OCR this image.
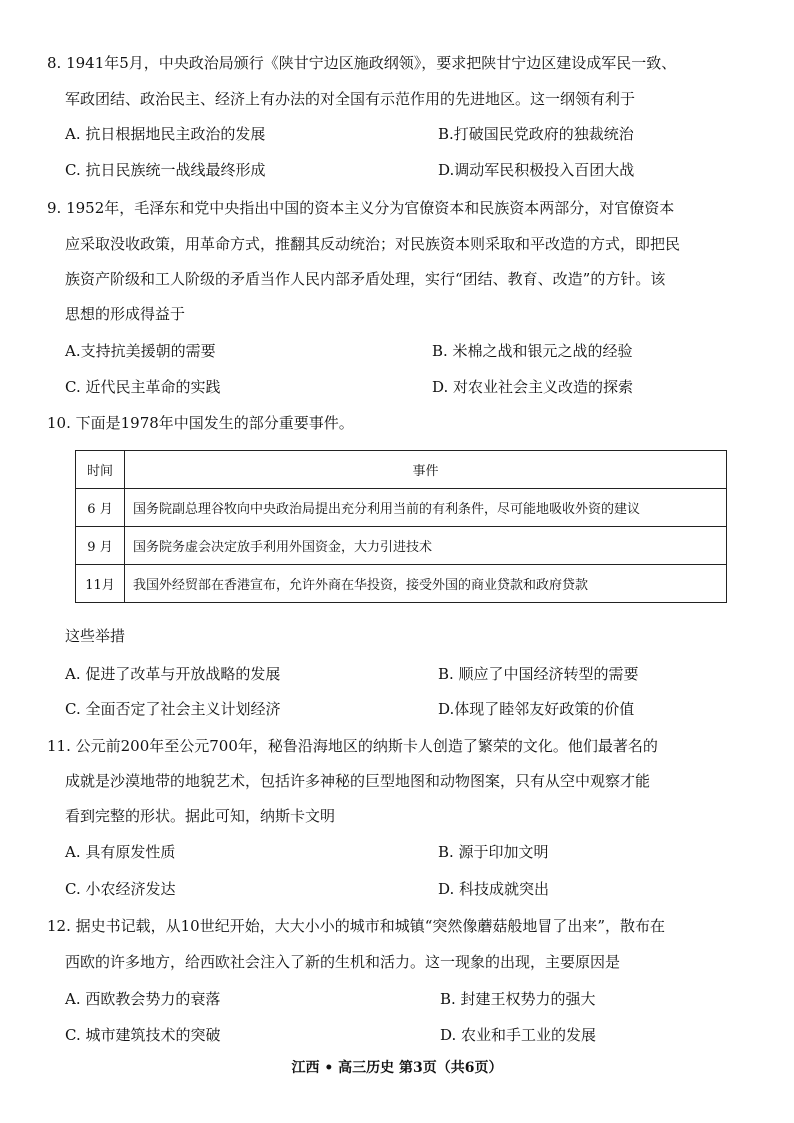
8. 1941年5月，中央政治局颁行《陕甘宁边区施政纲领》，要求把陕甘宁边区建设成军民一致、
军政团结、政治民主、经济上有办法的对全国有示范作用的先进地区。这一纲领有利于
A. 抗日根据地民主政治的发展	B.打破国民党政府的独裁统治
C. 抗日民族统一战线最终形成	D.调动军民积极投入百团大战
9. 1952年，毛泽东和党中央指出中国的资本主义分为官僚资本和民族资本两部分，对官僚资本
应采取没收政策，用革命方式，推翻其反动统治；对民族资本则采取和平改造的方式，即把民
族资产阶级和工人阶级的矛盾当作人民内部矛盾处理，实行“团结、教育、改造”的方针。该
思想的形成得益于
A.支持抗美援朝的需要	B. 米棉之战和银元之战的经验
C. 近代民主革命的实践	D. 对农业社会主义改造的探索
10. 下面是1978年中国发生的部分重要事件。
时间	事件
6 月	国务院副总理谷牧向中央政治局提出充分利用当前的有利条件，尽可能地吸收外资的建议
9 月	国务院务虚会决定放手利用外国资金，大力引进技术
11月	我国外经贸部在香港宣布，允许外商在华投资，接受外国的商业贷款和政府贷款
这些举措
A. 促进了改革与开放战略的发展	B. 顺应了中国经济转型的需要
C. 全面否定了社会主义计划经济	D.体现了睦邻友好政策的价值
11. 公元前200年至公元700年，秘鲁沿海地区的纳斯卡人创造了繁荣的文化。他们最著名的
成就是沙漠地带的地貌艺术，包括许多神秘的巨型地图和动物图案，只有从空中观察才能
看到完整的形状。据此可知，纳斯卡文明
A. 具有原发性质	B. 源于印加文明
C. 小农经济发达	D. 科技成就突出
12. 据史书记载，从10世纪开始，大大小小的城市和城镇“突然像蘑菇般地冒了出来”，散布在
西欧的许多地方，给西欧社会注入了新的生机和活力。这一现象的出现，主要原因是
A. 西欧教会势力的衰落	B. 封建王权势力的强大
C. 城市建筑技术的突破	D. 农业和手工业的发展
江西 • 高三历史 第3页（共6页）
